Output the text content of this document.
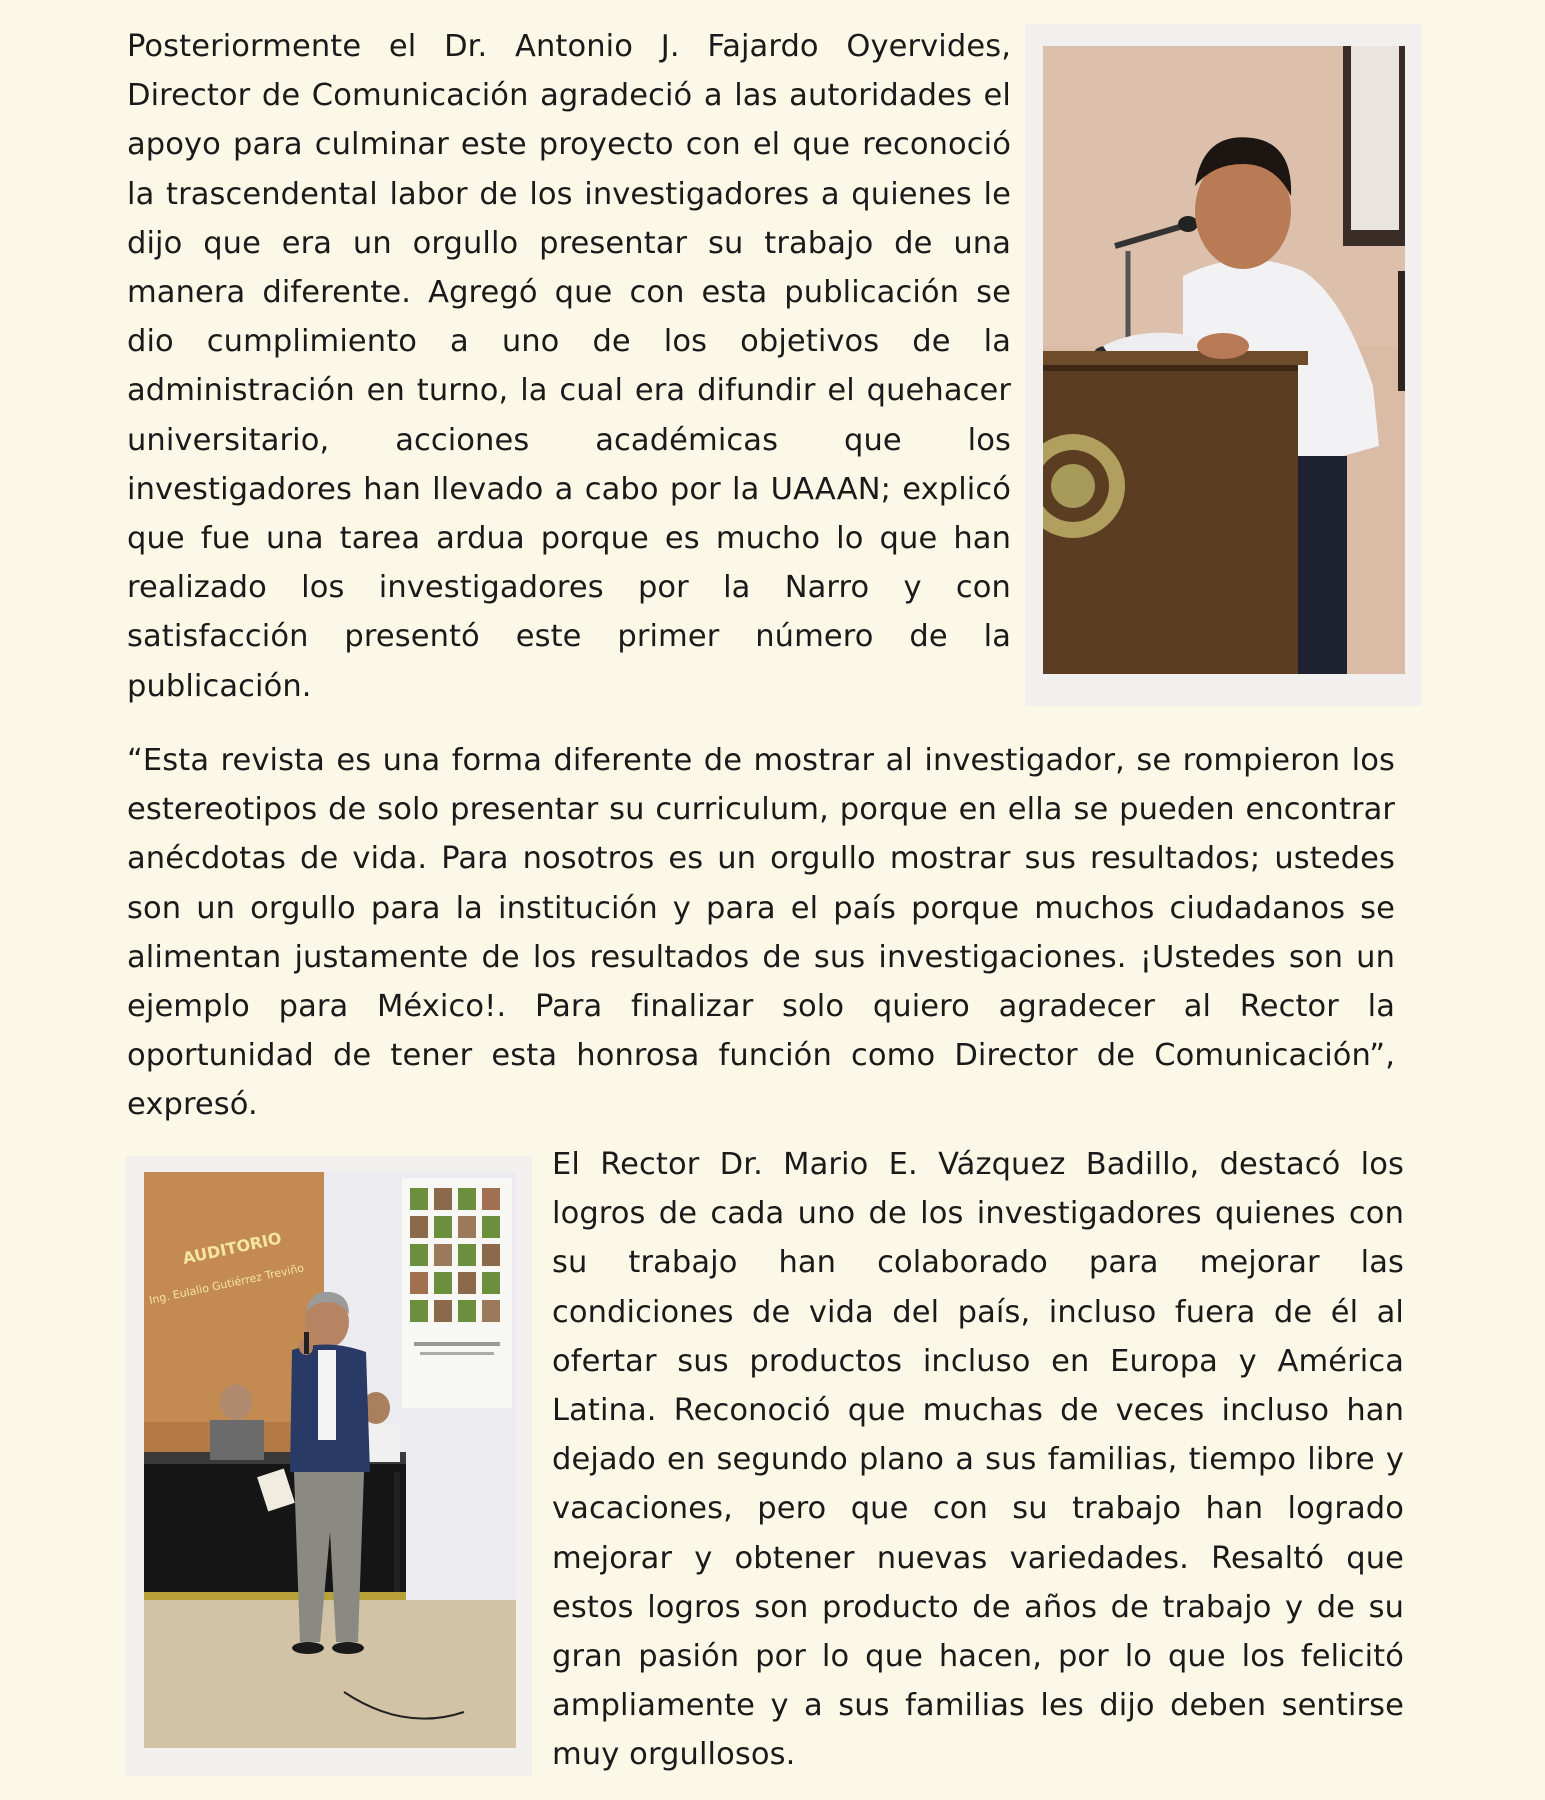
Posteriormente el Dr. Antonio J. Fajardo Oyervides, Director de Comunicación agradeció a las autoridades el apoyo para culminar este proyecto con el que reconoció la trascendental labor de los investigadores a quienes le dijo que era un orgullo presentar su trabajo de una manera diferente. Agregó que con esta publicación se dio cumplimiento a uno de los objetivos de la administración en turno, la cual era difundir el quehacer universitario, acciones académicas que los investigadores han llevado a cabo por la UAAAN; explicó que fue una tarea ardua porque es mucho lo que han realizado los investigadores por la Narro y con satisfacción presentó este primer número de la publicación.

“Esta revista es una forma diferente de mostrar al investigador, se rompieron los estereotipos de solo presentar su curriculum, porque en ella se pueden encontrar anécdotas de vida. Para nosotros es un orgullo mostrar sus resultados; ustedes son un orgullo para la institución y para el país porque muchos ciudadanos se alimentan justamente de los resultados de sus investigaciones. ¡Ustedes son un ejemplo para México!. Para finalizar solo quiero agradecer al Rector la oportunidad de tener esta honrosa función como Director de Comunicación”, expresó.

AUDITORIO
Ing. Eulalio Gutiérrez Treviño

El Rector Dr. Mario E. Vázquez Badillo, destacó los logros de cada uno de los investigadores quienes con su trabajo han colaborado para mejorar las condiciones de vida del país, incluso fuera de él al ofertar sus productos incluso en Europa y América Latina. Reconoció que muchas de veces incluso han dejado en segundo plano a sus familias, tiempo libre y vacaciones, pero que con su trabajo han logrado mejorar y obtener nuevas variedades. Resaltó que estos logros son producto de años de trabajo y de su gran pasión por lo que hacen, por lo que los felicitó ampliamente y a sus familias les dijo deben sentirse muy orgullosos.
